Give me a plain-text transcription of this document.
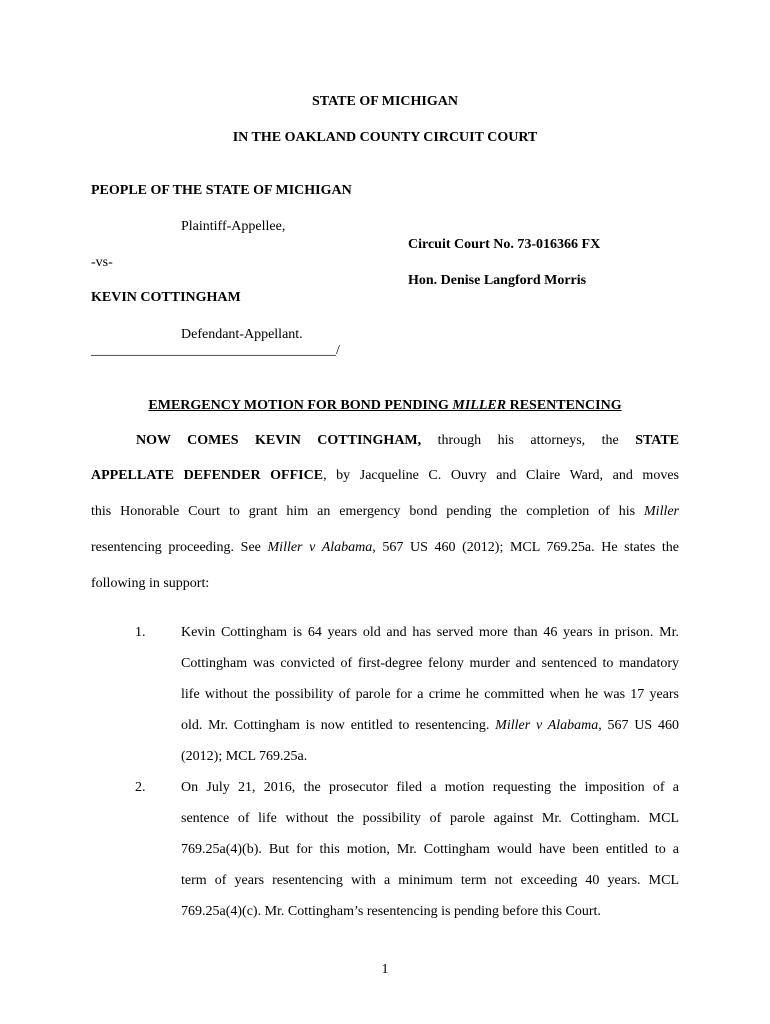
STATE OF MICHIGAN
IN THE OAKLAND COUNTY CIRCUIT COURT
PEOPLE OF THE STATE OF MICHIGAN
Plaintiff-Appellee,
Circuit Court No. 73-016366 FX
-vs-
Hon. Denise Langford Morris
KEVIN COTTINGHAM
Defendant-Appellant.
___________________________________/
EMERGENCY MOTION FOR BOND PENDING MILLER RESENTENCING
NOW COMES KEVIN COTTINGHAM, through his attorneys, the STATE
APPELLATE DEFENDER OFFICE, by Jacqueline C. Ouvry and Claire Ward, and moves
this Honorable Court to grant him an emergency bond pending the completion of his Miller
resentencing proceeding. See Miller v Alabama, 567 US 460 (2012); MCL 769.25a. He states the
following in support:
1.	Kevin Cottingham is 64 years old and has served more than 46 years in prison. Mr.
Cottingham was convicted of first-degree felony murder and sentenced to mandatory
life without the possibility of parole for a crime he committed when he was 17 years
old. Mr. Cottingham is now entitled to resentencing. Miller v Alabama, 567 US 460
(2012); MCL 769.25a.
2.	On July 21, 2016, the prosecutor filed a motion requesting the imposition of a
sentence of life without the possibility of parole against Mr. Cottingham. MCL
769.25a(4)(b). But for this motion, Mr. Cottingham would have been entitled to a
term of years resentencing with a minimum term not exceeding 40 years. MCL
769.25a(4)(c). Mr. Cottingham’s resentencing is pending before this Court.
1
